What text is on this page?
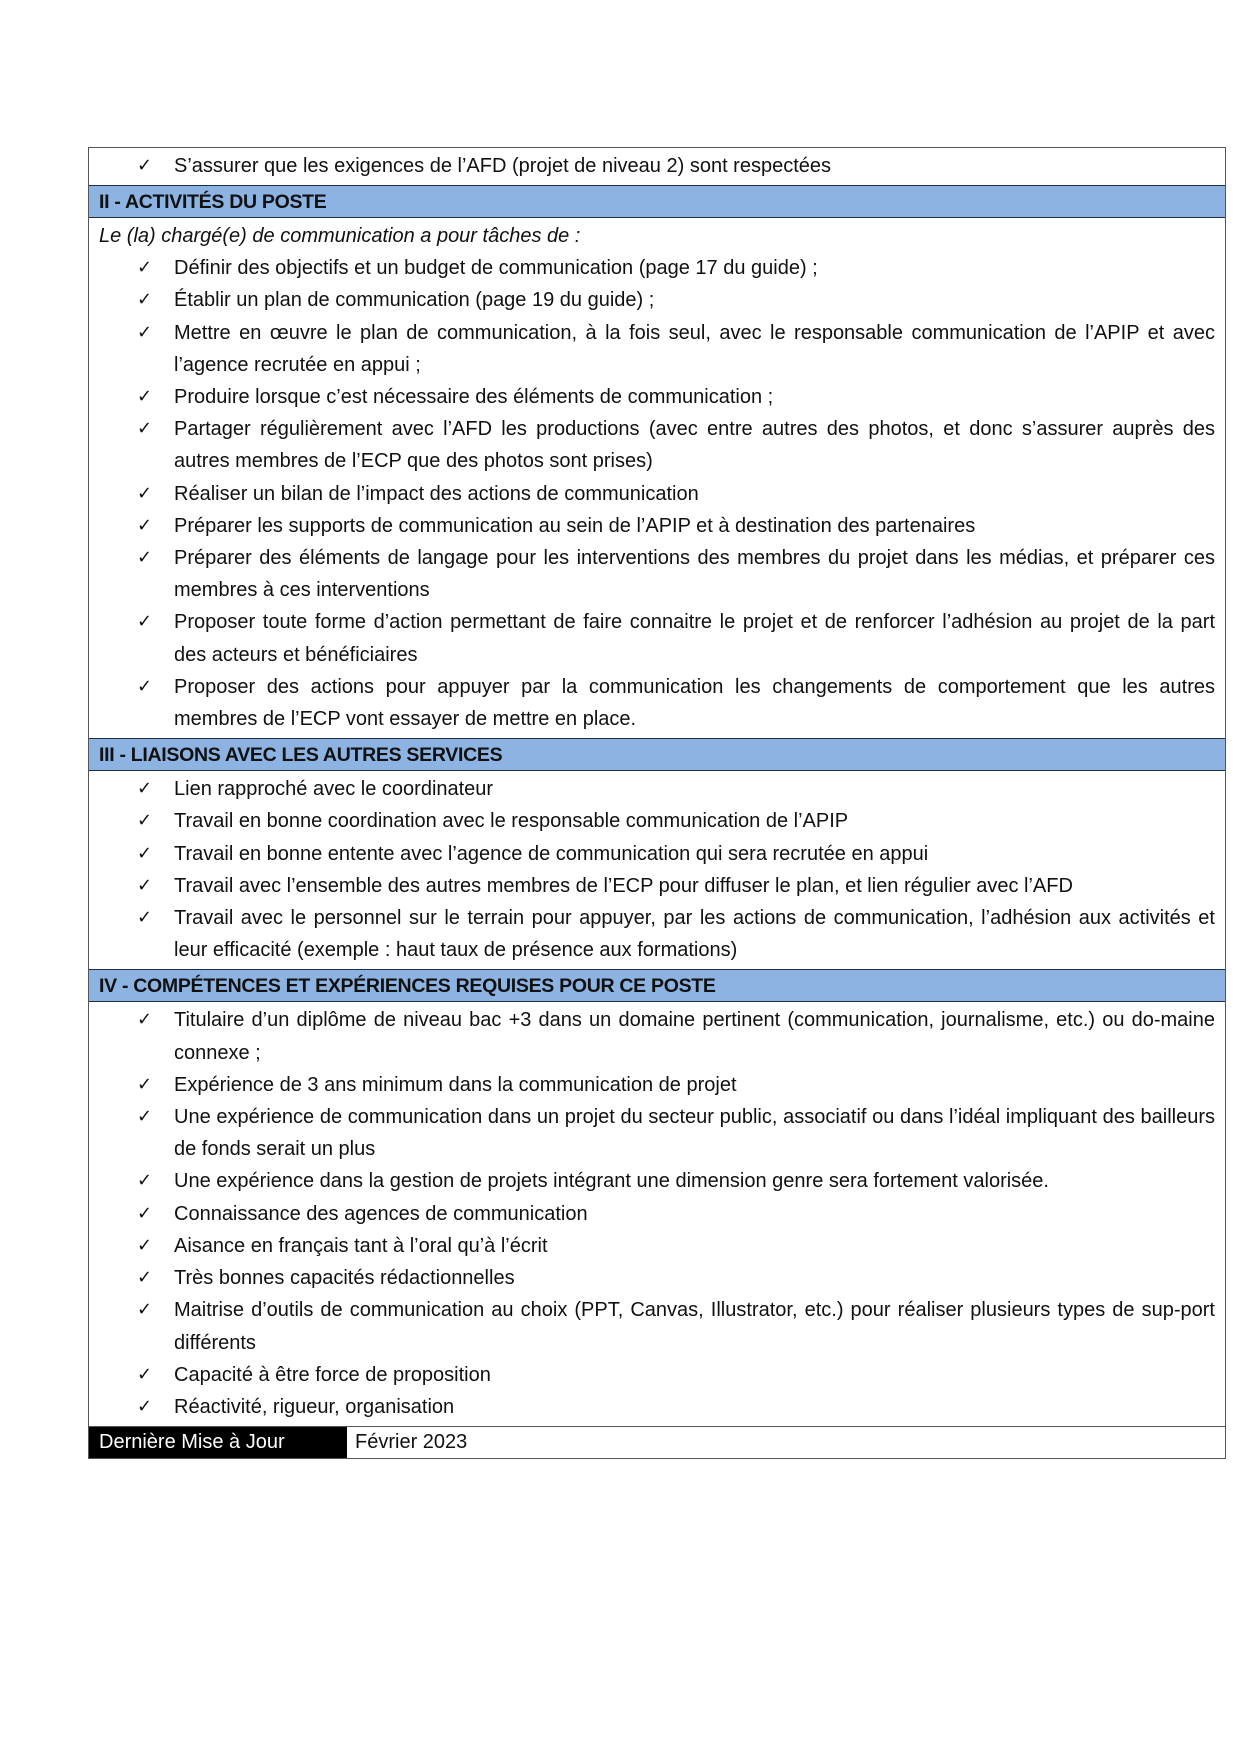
✓ S’assurer que les exigences de l’AFD (projet de niveau 2) sont respectées
II - ACTIVITÉS DU POSTE
Le (la) chargé(e) de communication a pour tâches de :
✓ Définir des objectifs et un budget de communication (page 17 du guide) ;
✓ Établir un plan de communication (page 19 du guide) ;
✓ Mettre en œuvre le plan de communication, à la fois seul, avec le responsable communication de l’APIP et avec l’agence recrutée en appui ;
✓ Produire lorsque c’est nécessaire des éléments de communication ;
✓ Partager régulièrement avec l’AFD les productions (avec entre autres des photos, et donc s’assurer auprès des autres membres de l’ECP que des photos sont prises)
✓ Réaliser un bilan de l’impact des actions de communication
✓ Préparer les supports de communication au sein de l’APIP et à destination des partenaires
✓ Préparer des éléments de langage pour les interventions des membres du projet dans les médias, et préparer ces membres à ces interventions
✓ Proposer toute forme d’action permettant de faire connaitre le projet et de renforcer l’adhésion au projet de la part des acteurs et bénéficiaires
✓ Proposer des actions pour appuyer par la communication les changements de comportement que les autres membres de l’ECP vont essayer de mettre en place.
III - LIAISONS AVEC LES AUTRES SERVICES
✓ Lien rapproché avec le coordinateur
✓ Travail en bonne coordination avec le responsable communication de l’APIP
✓ Travail en bonne entente avec l’agence de communication qui sera recrutée en appui
✓ Travail avec l’ensemble des autres membres de l’ECP pour diffuser le plan, et lien régulier avec l’AFD
✓ Travail avec le personnel sur le terrain pour appuyer, par les actions de communication, l’adhésion aux activités et leur efficacité (exemple : haut taux de présence aux formations)
IV - COMPÉTENCES ET EXPÉRIENCES REQUISES POUR CE POSTE
✓ Titulaire d’un diplôme de niveau bac +3 dans un domaine pertinent (communication, journalisme, etc.) ou do-maine connexe ;
✓ Expérience de 3 ans minimum dans la communication de projet
✓ Une expérience de communication dans un projet du secteur public, associatif ou dans l’idéal impliquant des bailleurs de fonds serait un plus
✓ Une expérience dans la gestion de projets intégrant une dimension genre sera fortement valorisée.
✓ Connaissance des agences de communication
✓ Aisance en français tant à l’oral qu’à l’écrit
✓ Très bonnes capacités rédactionnelles
✓ Maitrise d’outils de communication au choix (PPT, Canvas, Illustrator, etc.) pour réaliser plusieurs types de sup-port différents
✓ Capacité à être force de proposition
✓ Réactivité, rigueur, organisation
Dernière Mise à Jour	Février 2023
